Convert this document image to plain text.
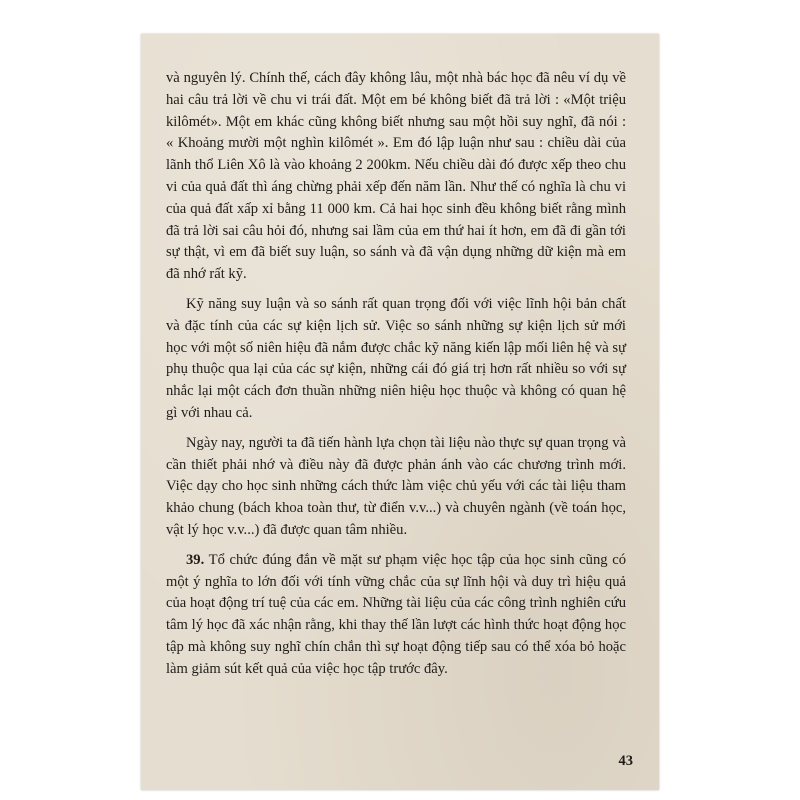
và nguyên lý. Chính thế, cách đây không lâu, một nhà bác học đã nêu ví dụ về hai câu trả lời về chu vi trái đất. Một em bé không biết đã trả lời : «Một triệu kilômét». Một em khác cũng không biết nhưng sau một hồi suy nghĩ, đã nói : « Khoảng mười một nghìn kilômét ». Em đó lập luận như sau : chiều dài của lãnh thổ Liên Xô là vào khoảng 2 200km. Nếu chiều dài đó được xếp theo chu vi của quả đất thì áng chừng phải xếp đến năm lần. Như thế có nghĩa là chu vi của quả đất xấp xỉ bằng 11 000 km. Cả hai học sinh đều không biết rằng mình đã trả lời sai câu hỏi đó, nhưng sai lầm của em thứ hai ít hơn, em đã đi gần tới sự thật, vì em đã biết suy luận, so sánh và đã vận dụng những dữ kiện mà em đã nhớ rất kỹ.

Kỹ năng suy luận và so sánh rất quan trọng đối với việc lĩnh hội bản chất và đặc tính của các sự kiện lịch sử. Việc so sánh những sự kiện lịch sử mới học với một số niên hiệu đã nắm được chắc kỹ năng kiến lập mối liên hệ và sự phụ thuộc qua lại của các sự kiện, những cái đó giá trị hơn rất nhiều so với sự nhắc lại một cách đơn thuần những niên hiệu học thuộc và không có quan hệ gì với nhau cả.

Ngày nay, người ta đã tiến hành lựa chọn tài liệu nào thực sự quan trọng và cần thiết phải nhớ và điều này đã được phản ánh vào các chương trình mới. Việc dạy cho học sinh những cách thức làm việc chủ yếu với các tài liệu tham khảo chung (bách khoa toàn thư, từ điển v.v...) và chuyên ngành (về toán học, vật lý học v.v...) đã được quan tâm nhiều.

39. Tổ chức đúng đắn về mặt sư phạm việc học tập của học sinh cũng có một ý nghĩa to lớn đối với tính vững chắc của sự lĩnh hội và duy trì hiệu quả của hoạt động trí tuệ của các em. Những tài liệu của các công trình nghiên cứu tâm lý học đã xác nhận rằng, khi thay thế lần lượt các hình thức hoạt động học tập mà không suy nghĩ chín chắn thì sự hoạt động tiếp sau có thể xóa bỏ hoặc làm giảm sút kết quả của việc học tập trước đây.

43
